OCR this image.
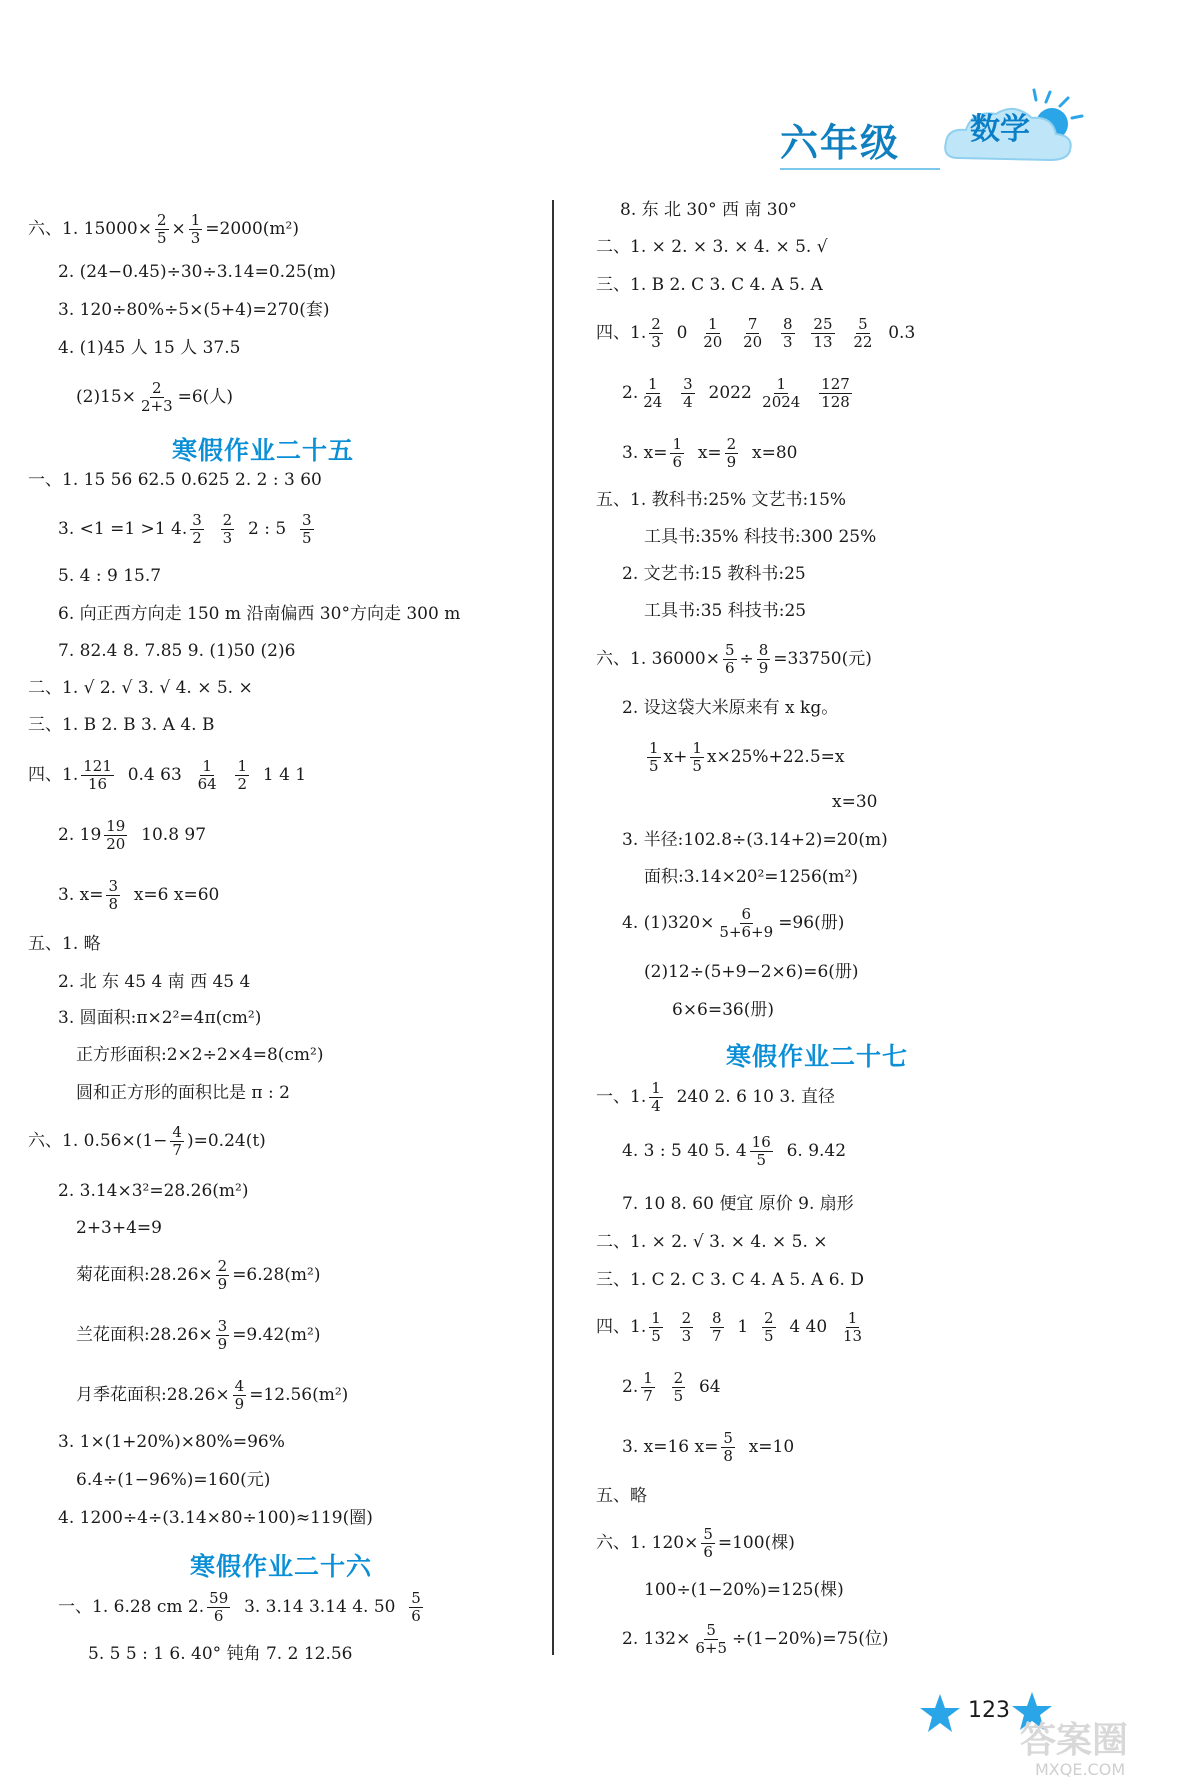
六年级 数学
六、1. $15000\times \frac{2}{5} \times \frac{1}{3} =2000(m^2)$
2. (24−0.45)÷30÷3.14=0.25(m)
3. 120÷80%÷5×(5+4)=270(套)
4. (1)45 人 15 人 37.5
$(2)15\times \frac{2}{2+3} =6$(人)
寒假作业二十五
一、1. 15 56 62.5 0.625 2. 2 : 3 60
3. <1 =1 >1 4. $\frac{3}{2}$
$\frac{2}{3} 2$ : $5 \frac{3}{5}$
5. 4 : 9 15.7
6. 向正西方向走 150 m 沿南偏西 30°方向走 300 m
7. 82.4 8. 7.85 9. (1)50 (2)6
二、1. √ 2. √ 3. √ 4. × 5. ×
三、1. B 2. B 3. A 4. B
四、1. $\frac{121}{16} 0.4$ $63 \frac{1}{64}$
$\frac{1}{2} 1$ 4 1
2. $19 \frac{19}{20} 10.8$ 97
3. $x= \frac{3}{8} x=6$ x=60
五、1. 略
2. 北 东 45 4 南 西 45 4
3. 圆面积:π×2²=4π(cm²)
正方形面积:2×2÷2×4=8(cm²)
圆和正方形的面积比是 π : 2
六、1. $0.56\times(1- \frac{4}{7} )=0.24(t)$
2. 3.14×3²=28.26(m²)
2+3+4=9
菊花面积:28.26× $\frac{2}{9} =6.28(m^2)$
兰花面积:28.26× $\frac{3}{9} =9.42(m^2)$
月季花面积:28.26× $\frac{4}{9} =12.56(m^2)$
3. 1×(1+20%)×80%=96%
6.4÷(1−96%)=160(元)
4. 1200÷4÷(3.14×80÷100)≈119(圈)
寒假作业二十六
一、1. 6.28 cm 2. $\frac{59}{6} 3$. 3.14 3.14 4. $50 \frac{5}{6}$
5. 5 5 : 1 6. 40° 钝角 7. 2 12.56
8. 东 北 30° 西 南 30°
二、1. × 2. × 3. × 4. × 5. √
三、1. B 2. C 3. C 4. A 5. A
四、1. $\frac{2}{3} 0 \frac{1}{20}$
$\frac{7}{20}$
$\frac{8}{3}$
$\frac{25}{13}$
$\frac{5}{22} 0.3$
2. $\frac{1}{24}$
$\frac{3}{4} 2022 \frac{1}{2024}$
$\frac{127}{128}$
3. $x= \frac{1}{6} x= \frac{2}{9} x=80$
五、1. 教科书:25% 文艺书:15%
工具书:35% 科技书:300 25%
2. 文艺书:15 教科书:25
工具书:35 科技书:25
六、1. $36000\times \frac{5}{6} \div \frac{8}{9} =33750$(元)
2. 设这袋大米原来有 x kg。
$\frac{1}{5} x+ \frac{1}{5} x\times 25\%+22.5=x$
x=30
3. 半径:102.8÷(3.14+2)=20(m)
面积:3.14×20²=1256(m²)
4. $(1)320\times \frac{6}{5+6+9} =96$(册)
(2)12÷(5+9−2×6)=6(册)
6×6=36(册)
寒假作业二十七
一、1. $\frac{1}{4} 240$ 2. 6 10 3. 直径
4. 3 : 5 40 5. $4 \frac{16}{5} 6$. 9.42
7. 10 8. 60 便宜 原价 9. 扇形
二、1. × 2. √ 3. × 4. × 5. ×
三、1. C 2. C 3. C 4. A 5. A 6. D
四、1. $\frac{1}{5}$
$\frac{2}{3}$
$\frac{8}{7} 1 \frac{2}{5} 4$ $40 \frac{1}{13}$
2. $\frac{1}{7}$
$\frac{2}{5} 64$
3. x=16 $x= \frac{5}{8} x=10$
五、略
六、1. $120\times \frac{5}{6} =100$(棵)
100÷(1−20%)=125(棵)
2. $132\times \frac{5}{6+5} \div(1-20\%)=75$(位)
123
答案圈
MXQE.COM
